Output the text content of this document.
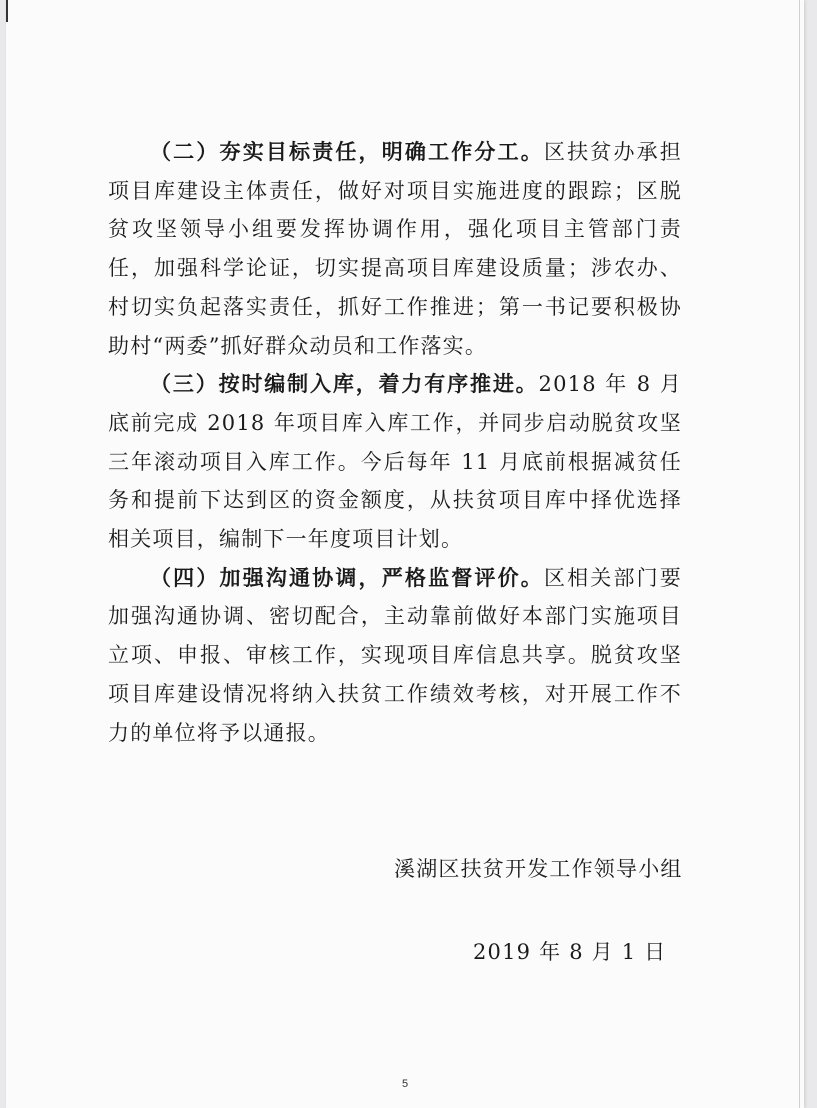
（二）夯实目标责任，明确工作分工。区扶贫办承担项目库建设主体责任，做好对项目实施进度的跟踪；区脱贫攻坚领导小组要发挥协调作用，强化项目主管部门责任，加强科学论证，切实提高项目库建设质量；涉农办、村切实负起落实责任，抓好工作推进；第一书记要积极协助村“两委”抓好群众动员和工作落实。

（三）按时编制入库，着力有序推进。2018 年 8 月底前完成 2018 年项目库入库工作，并同步启动脱贫攻坚三年滚动项目入库工作。今后每年 11 月底前根据减贫任务和提前下达到区的资金额度，从扶贫项目库中择优选择相关项目，编制下一年度项目计划。

（四）加强沟通协调，严格监督评价。区相关部门要加强沟通协调、密切配合，主动靠前做好本部门实施项目立项、申报、审核工作，实现项目库信息共享。脱贫攻坚项目库建设情况将纳入扶贫工作绩效考核，对开展工作不力的单位将予以通报。

溪湖区扶贫开发工作领导小组
2019 年 8 月 1 日
5
